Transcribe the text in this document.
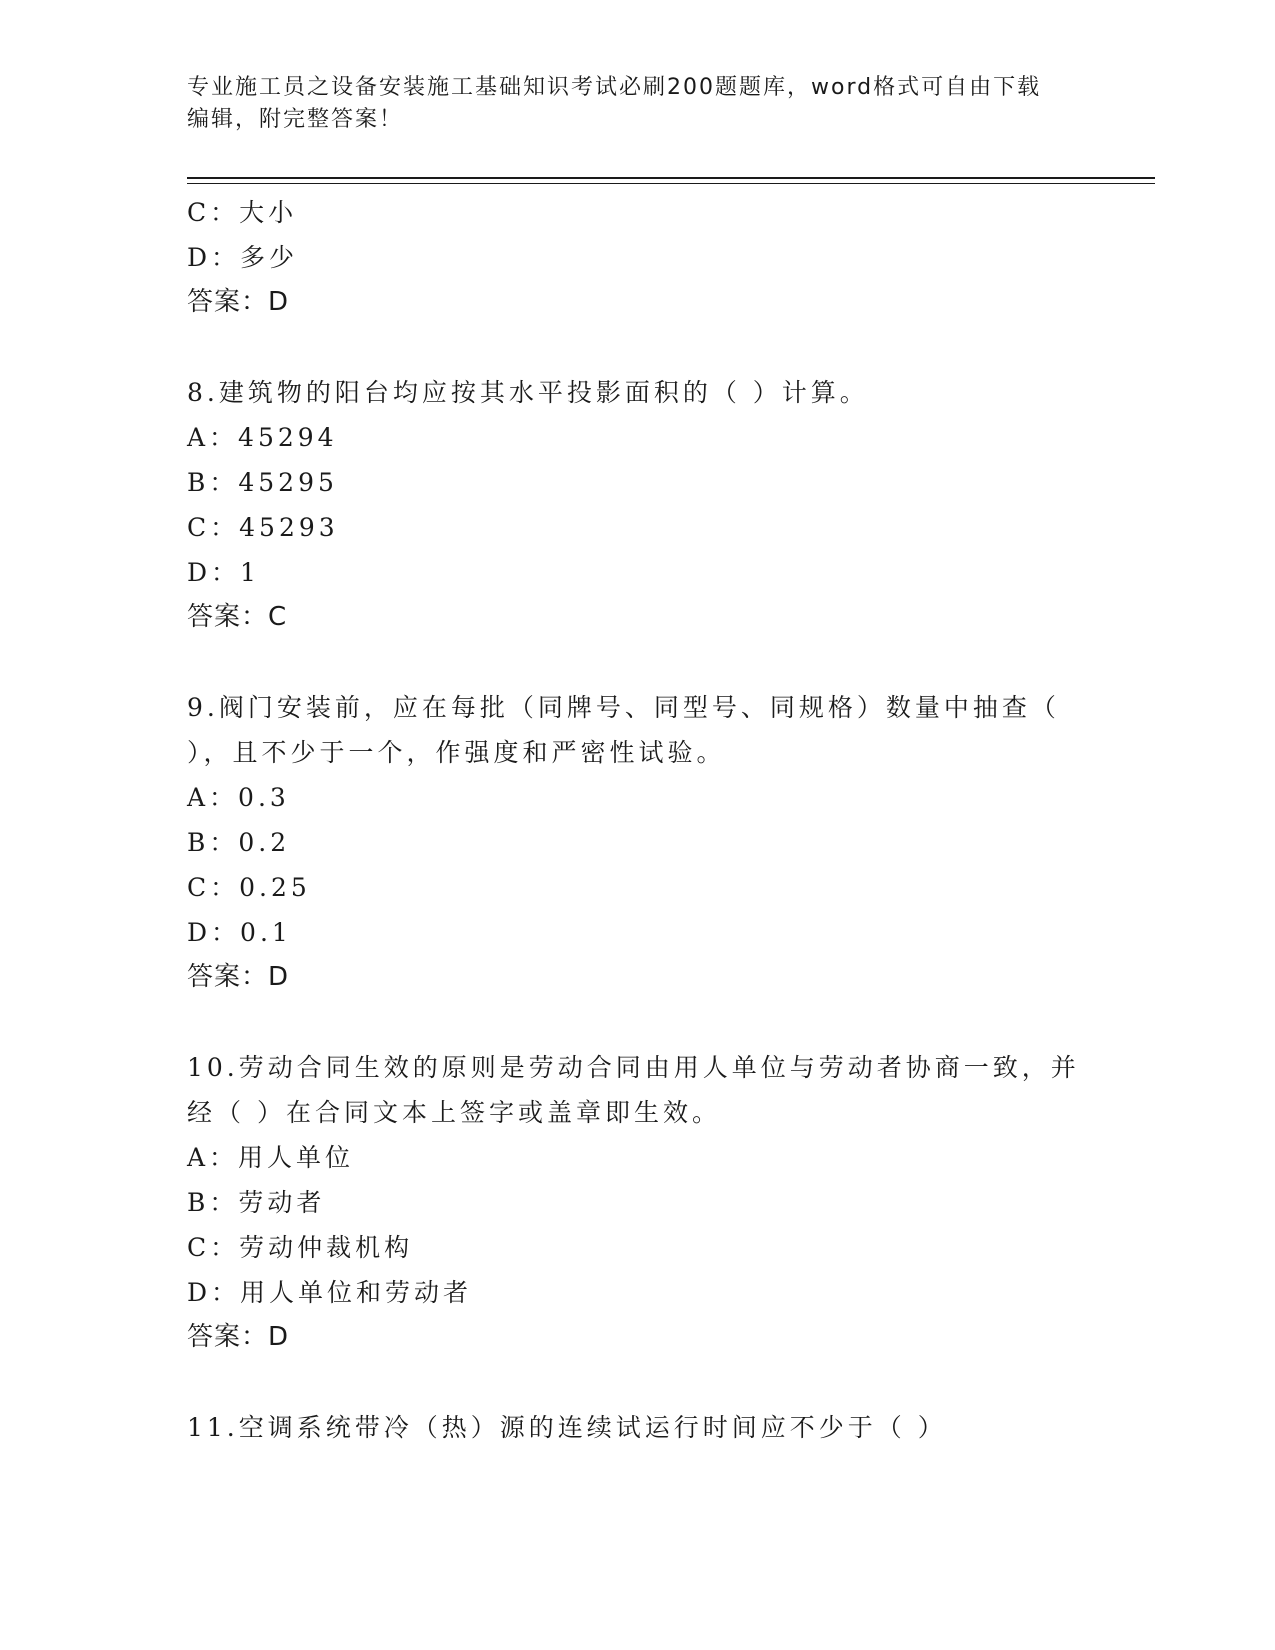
专业施工员之设备安装施工基础知识考试必刷200题题库，word格式可自由下载
编辑，附完整答案！
C：大小
D：多少
答案：D
8.建筑物的阳台均应按其水平投影面积的（ ）计算。
A：45294
B：45295
C：45293
D：1
答案：C
9.阀门安装前，应在每批（同牌号、同型号、同规格）数量中抽查（
），且不少于一个，作强度和严密性试验。
A：0.3
B：0.2
C：0.25
D：0.1
答案：D
10.劳动合同生效的原则是劳动合同由用人单位与劳动者协商一致，并
经（ ）在合同文本上签字或盖章即生效。
A：用人单位
B：劳动者
C：劳动仲裁机构
D：用人单位和劳动者
答案：D
11.空调系统带冷（热）源的连续试运行时间应不少于（ ）
